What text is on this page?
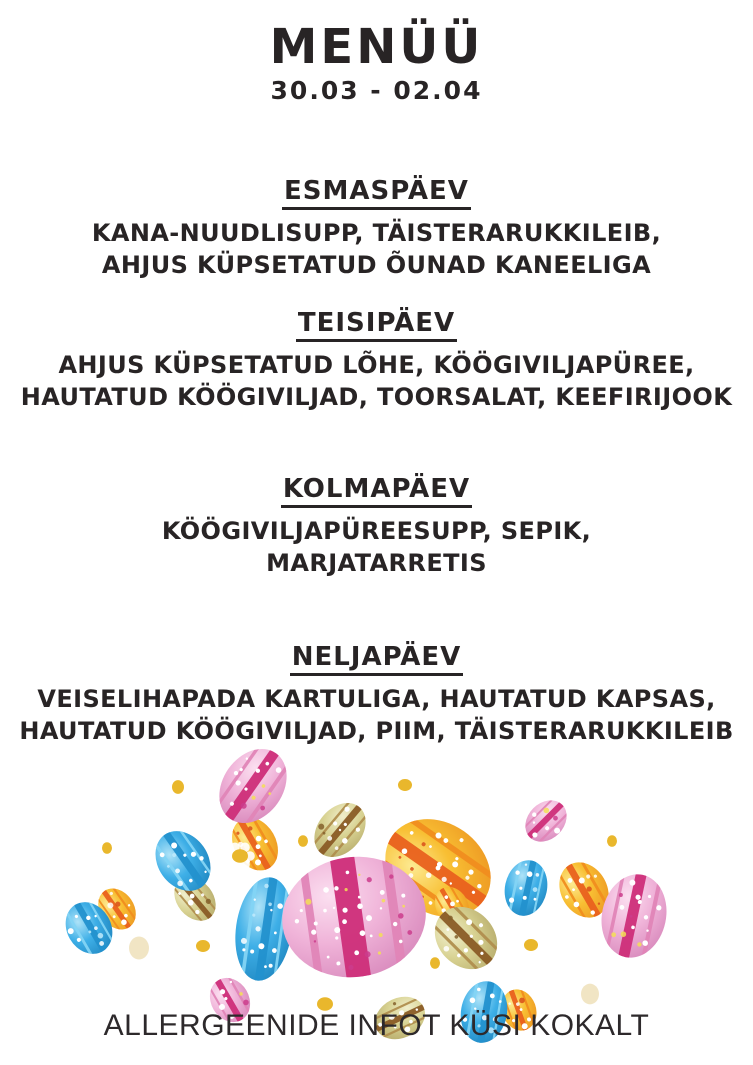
MENÜÜ
30.03 - 02.04
ESMASPÄEV
KANA-NUUDLISUPP, TÄISTERARUKKILEIB,
AHJUS KÜPSETATUD ÕUNAD KANEELIGA
TEISIPÄEV
AHJUS KÜPSETATUD LÕHE, KÖÖGIVILJAPÜREE,
HAUTATUD KÖÖGIVILJAD, TOORSALAT, KEEFIRIJOOK
KOLMAPÄEV
KÖÖGIVILJAPÜREESUPP, SEPIK,
MARJATARRETIS
NELJAPÄEV
VEISELIHAPADA KARTULIGA, HAUTATUD KAPSAS,
HAUTATUD KÖÖGIVILJAD, PIIM, TÄISTERARUKKILEIB
ALLERGEENIDE INFOT KÜSI KOKALT
